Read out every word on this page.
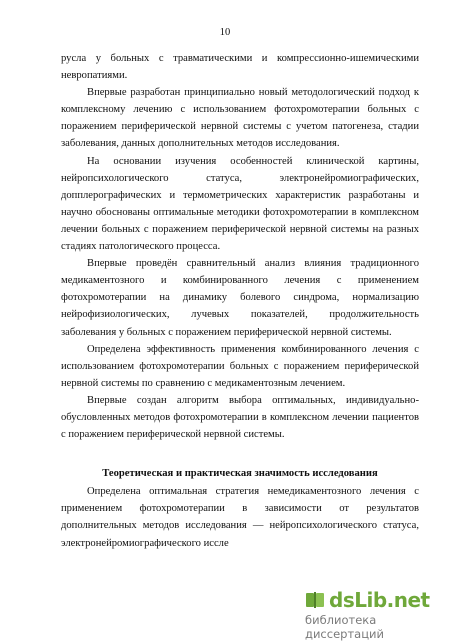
10

русла у больных с травматическими и компрессионно-ишемическими невропатиями.

Впервые разработан принципиально новый методологический подход к комплексному лечению с использованием фотохромотерапии больных с поражением периферической нервной системы с учетом патогенеза, стадии заболевания, данных дополнительных методов исследования.

На основании изучения особенностей клинической картины, нейропсихологического статуса, электронейромиографических, допплерографических и термометрических характеристик разработаны и научно обоснованы оптимальные методики фотохромотерапии в комплексном лечении больных с поражением периферической нервной системы на разных стадиях патологического процесса.

Впервые проведён сравнительный анализ влияния традиционного медикаментозного и комбинированного лечения с применением фотохромотерапии на динамику болевого синдрома, нормализацию нейрофизиологических, лучевых показателей, продолжительность заболевания у больных с поражением периферической нервной системы.

Определена эффективность применения комбинированного лечения с использованием фотохромотерапии больных с поражением периферической нервной системы по сравнению с медикаментозным лечением.

Впервые создан алгоритм выбора оптимальных, индивидуально-обусловленных методов фотохромотерапии в комплексном лечении пациентов с поражением периферической нервной системы.

Теоретическая и практическая значимость исследования

Определена оптимальная стратегия немедикаментозного лечения с применением фотохромотерапии в зависимости от результатов дополнительных методов исследования — нейропсихологического статуса, электронейромиографического иссле

dsLib.net
библиотека диссертаций
